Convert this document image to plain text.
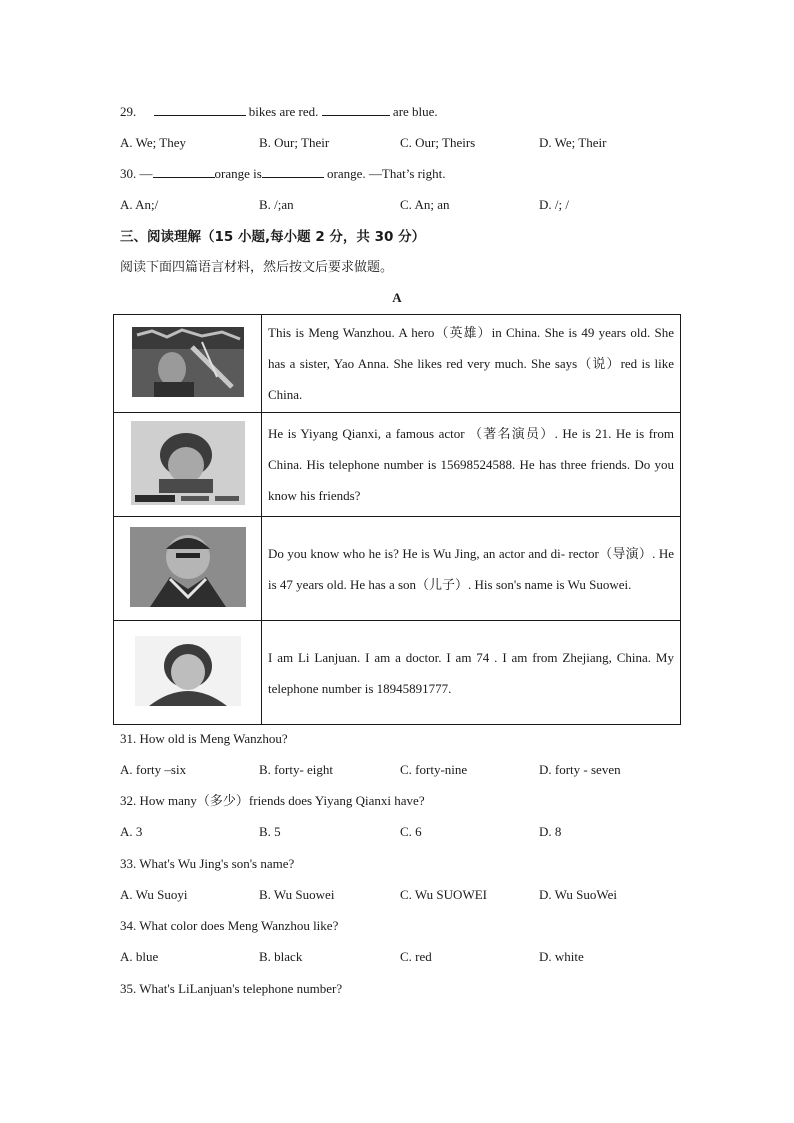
29.	bikes are red.	are blue.
A. We; They	B. Our; Their	C. Our; Theirs	D. We; Their
30. —	orange is	orange. —That’s right.
A. An;/	B. /;an	C. An; an	D. /; /
三、阅读理解（15 小题,每小题 2 分，共 30 分）
阅读下面四篇语言材料，然后按文后要求做题。
A
	This is Meng Wanzhou. A hero（英雄）in China. She is 49 years old. She has a sister, Yao Anna. She likes red very much. She says（说）red is like China.
	He is Yiyang Qianxi, a famous actor （著名演员）. He is 21. He is from China. His telephone number is 15698524588. He has three friends. Do you know his friends?
	Do you know who he is? He is Wu Jing, an actor and di- rector（导演）. He is 47 years old. He has a son（儿子）. His son's name is Wu Suowei.
	I am Li Lanjuan. I am a doctor. I am 74 . I am from Zhejiang, China. My telephone number is 18945891777.
31. How old is Meng Wanzhou?
A. forty –six	B. forty- eight	C. forty-nine	D. forty - seven
32. How many（多少）friends does Yiyang Qianxi have?
A. 3	B. 5	C. 6	D. 8
33. What's Wu Jing's son's name?
A. Wu Suoyi	B. Wu Suowei	C. Wu SUOWEI	D. Wu SuoWei
34. What color does Meng Wanzhou like?
A. blue	B. black	C. red	D. white
35. What's LiLanjuan's telephone number?
